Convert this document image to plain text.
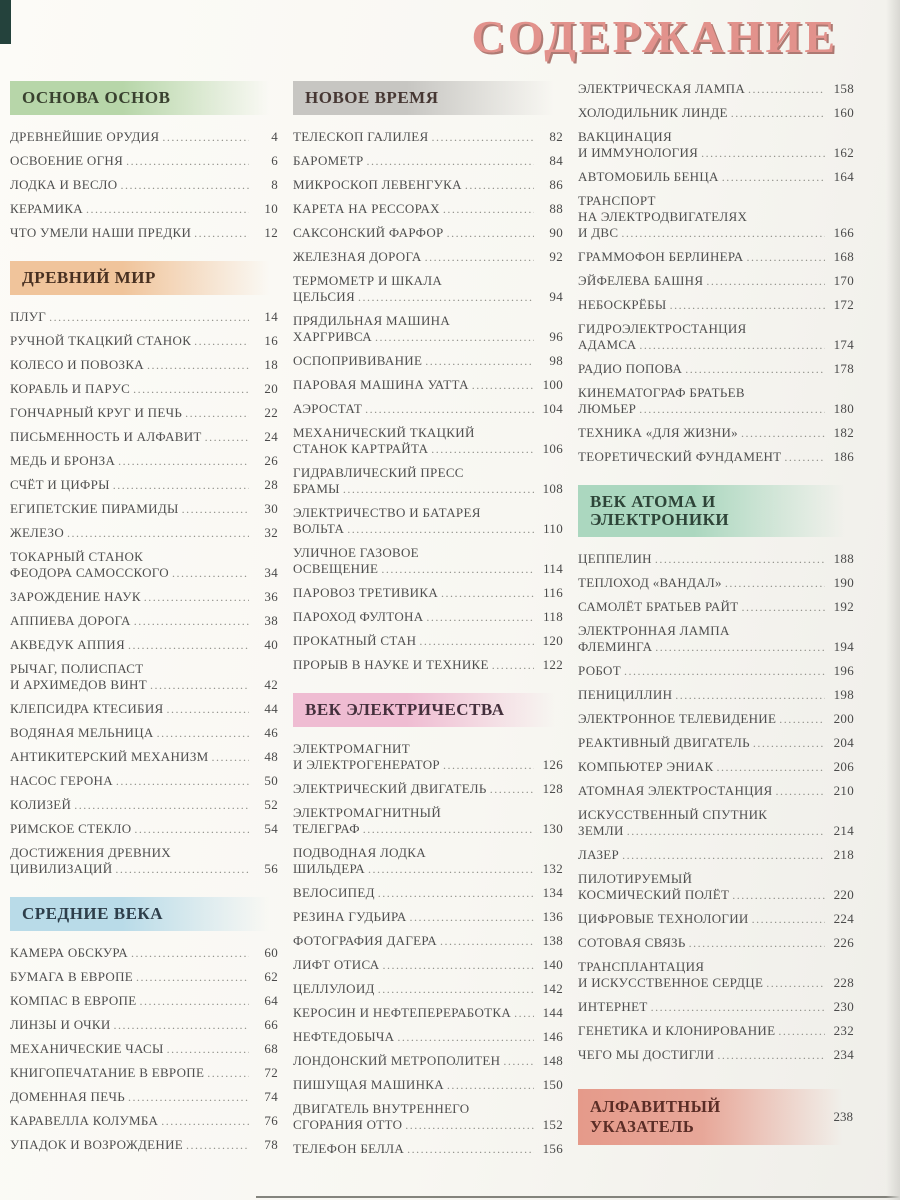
СОДЕРЖАНИЕ
ОСНОВА ОСНОВ
ДРЕВНЕЙШИЕ ОРУДИЯ .....	4
ОСВОЕНИЕ ОГНЯ .....	6
ЛОДКА И ВЕСЛО .....	8
КЕРАМИКА .....	10
ЧТО УМЕЛИ НАШИ ПРЕДКИ .....	12
ДРЕВНИЙ МИР
ПЛУГ .....	14
РУЧНОЙ ТКАЦКИЙ СТАНОК .....	16
КОЛЕСО И ПОВОЗКА .....	18
КОРАБЛЬ И ПАРУС .....	20
ГОНЧАРНЫЙ КРУГ И ПЕЧЬ .....	22
ПИСЬМЕННОСТЬ И АЛФАВИТ .....	24
МЕДЬ И БРОНЗА .....	26
СЧЁТ И ЦИФРЫ .....	28
ЕГИПЕТСКИЕ ПИРАМИДЫ .....	30
ЖЕЛЕЗО .....	32
ТОКАРНЫЙ СТАНОК
ФЕОДОРА САМОССКОГО .....	34
ЗАРОЖДЕНИЕ НАУК .....	36
АППИЕВА ДОРОГА .....	38
АКВЕДУК АППИЯ .....	40
РЫЧАГ, ПОЛИСПАСТ
И АРХИМЕДОВ ВИНТ .....	42
КЛЕПСИДРА КТЕСИБИЯ .....	44
ВОДЯНАЯ МЕЛЬНИЦА .....	46
АНТИКИТЕРСКИЙ МЕХАНИЗМ .....	48
НАСОС ГЕРОНА .....	50
КОЛИЗЕЙ .....	52
РИМСКОЕ СТЕКЛО .....	54
ДОСТИЖЕНИЯ ДРЕВНИХ
ЦИВИЛИЗАЦИЙ .....	56
СРЕДНИЕ ВЕКА
КАМЕРА ОБСКУРА .....	60
БУМАГА В ЕВРОПЕ .....	62
КОМПАС В ЕВРОПЕ .....	64
ЛИНЗЫ И ОЧКИ .....	66
МЕХАНИЧЕСКИЕ ЧАСЫ .....	68
КНИГОПЕЧАТАНИЕ В ЕВРОПЕ .....	72
ДОМЕННАЯ ПЕЧЬ .....	74
КАРАВЕЛЛА КОЛУМБА .....	76
УПАДОК И ВОЗРОЖДЕНИЕ .....	78
НОВОЕ ВРЕМЯ
ТЕЛЕСКОП ГАЛИЛЕЯ .....	82
БАРОМЕТР .....	84
МИКРОСКОП ЛЕВЕНГУКА .....	86
КАРЕТА НА РЕССОРАХ .....	88
САКСОНСКИЙ ФАРФОР .....	90
ЖЕЛЕЗНАЯ ДОРОГА .....	92
ТЕРМОМЕТР И ШКАЛА
ЦЕЛЬСИЯ .....	94
ПРЯДИЛЬНАЯ МАШИНА
ХАРГРИВСА .....	96
ОСПОПРИВИВАНИЕ .....	98
ПАРОВАЯ МАШИНА УАТТА .....	100
АЭРОСТАТ .....	104
МЕХАНИЧЕСКИЙ ТКАЦКИЙ
СТАНОК КАРТРАЙТА .....	106
ГИДРАВЛИЧЕСКИЙ ПРЕСС
БРАМЫ .....	108
ЭЛЕКТРИЧЕСТВО И БАТАРЕЯ
ВОЛЬТА .....	110
УЛИЧНОЕ ГАЗОВОЕ
ОСВЕЩЕНИЕ .....	114
ПАРОВОЗ ТРЕТИВИКА .....	116
ПАРОХОД ФУЛТОНА .....	118
ПРОКАТНЫЙ СТАН .....	120
ПРОРЫВ В НАУКЕ И ТЕХНИКЕ .....	122
ВЕК ЭЛЕКТРИЧЕСТВА
ЭЛЕКТРОМАГНИТ
И ЭЛЕКТРОГЕНЕРАТОР .....	126
ЭЛЕКТРИЧЕСКИЙ ДВИГАТЕЛЬ .....	128
ЭЛЕКТРОМАГНИТНЫЙ
ТЕЛЕГРАФ .....	130
ПОДВОДНАЯ ЛОДКА
ШИЛЬДЕРА .....	132
ВЕЛОСИПЕД .....	134
РЕЗИНА ГУДЬИРА .....	136
ФОТОГРАФИЯ ДАГЕРА .....	138
ЛИФТ ОТИСА .....	140
ЦЕЛЛУЛОИД .....	142
КЕРОСИН И НЕФТЕПЕРЕРАБОТКА .....	144
НЕФТЕДОБЫЧА .....	146
ЛОНДОНСКИЙ МЕТРОПОЛИТЕН .....	148
ПИШУЩАЯ МАШИНКА .....	150
ДВИГАТЕЛЬ ВНУТРЕННЕГО
СГОРАНИЯ ОТТО .....	152
ТЕЛЕФОН БЕЛЛА .....	156
ЭЛЕКТРИЧЕСКАЯ ЛАМПА .....	158
ХОЛОДИЛЬНИК ЛИНДЕ .....	160
ВАКЦИНАЦИЯ
И ИММУНОЛОГИЯ .....	162
АВТОМОБИЛЬ БЕНЦА .....	164
ТРАНСПОРТ
НА ЭЛЕКТРОДВИГАТЕЛЯХ
И ДВС .....	166
ГРАММОФОН БЕРЛИНЕРА .....	168
ЭЙФЕЛЕВА БАШНЯ .....	170
НЕБОСКРЁБЫ .....	172
ГИДРОЭЛЕКТРОСТАНЦИЯ
АДАМСА .....	174
РАДИО ПОПОВА .....	178
КИНЕМАТОГРАФ БРАТЬЕВ
ЛЮМЬЕР .....	180
ТЕХНИКА «ДЛЯ ЖИЗНИ» .....	182
ТЕОРЕТИЧЕСКИЙ ФУНДАМЕНТ .....	186
ВЕК АТОМА И ЭЛЕКТРОНИКИ
ЦЕППЕЛИН .....	188
ТЕПЛОХОД «ВАНДАЛ» .....	190
САМОЛЁТ БРАТЬЕВ РАЙТ .....	192
ЭЛЕКТРОННАЯ ЛАМПА
ФЛЕМИНГА .....	194
РОБОТ .....	196
ПЕНИЦИЛЛИН .....	198
ЭЛЕКТРОННОЕ ТЕЛЕВИДЕНИЕ .....	200
РЕАКТИВНЫЙ ДВИГАТЕЛЬ .....	204
КОМПЬЮТЕР ЭНИАК .....	206
АТОМНАЯ ЭЛЕКТРОСТАНЦИЯ .....	210
ИСКУССТВЕННЫЙ СПУТНИК
ЗЕМЛИ .....	214
ЛАЗЕР .....	218
ПИЛОТИРУЕМЫЙ
КОСМИЧЕСКИЙ ПОЛЁТ .....	220
ЦИФРОВЫЕ ТЕХНОЛОГИИ .....	224
СОТОВАЯ СВЯЗЬ .....	226
ТРАНСПЛАНТАЦИЯ
И ИСКУССТВЕННОЕ СЕРДЦЕ .....	228
ИНТЕРНЕТ .....	230
ГЕНЕТИКА И КЛОНИРОВАНИЕ .....	232
ЧЕГО МЫ ДОСТИГЛИ .....	234
АЛФАВИТНЫЙ
УКАЗАТЕЛЬ
238
